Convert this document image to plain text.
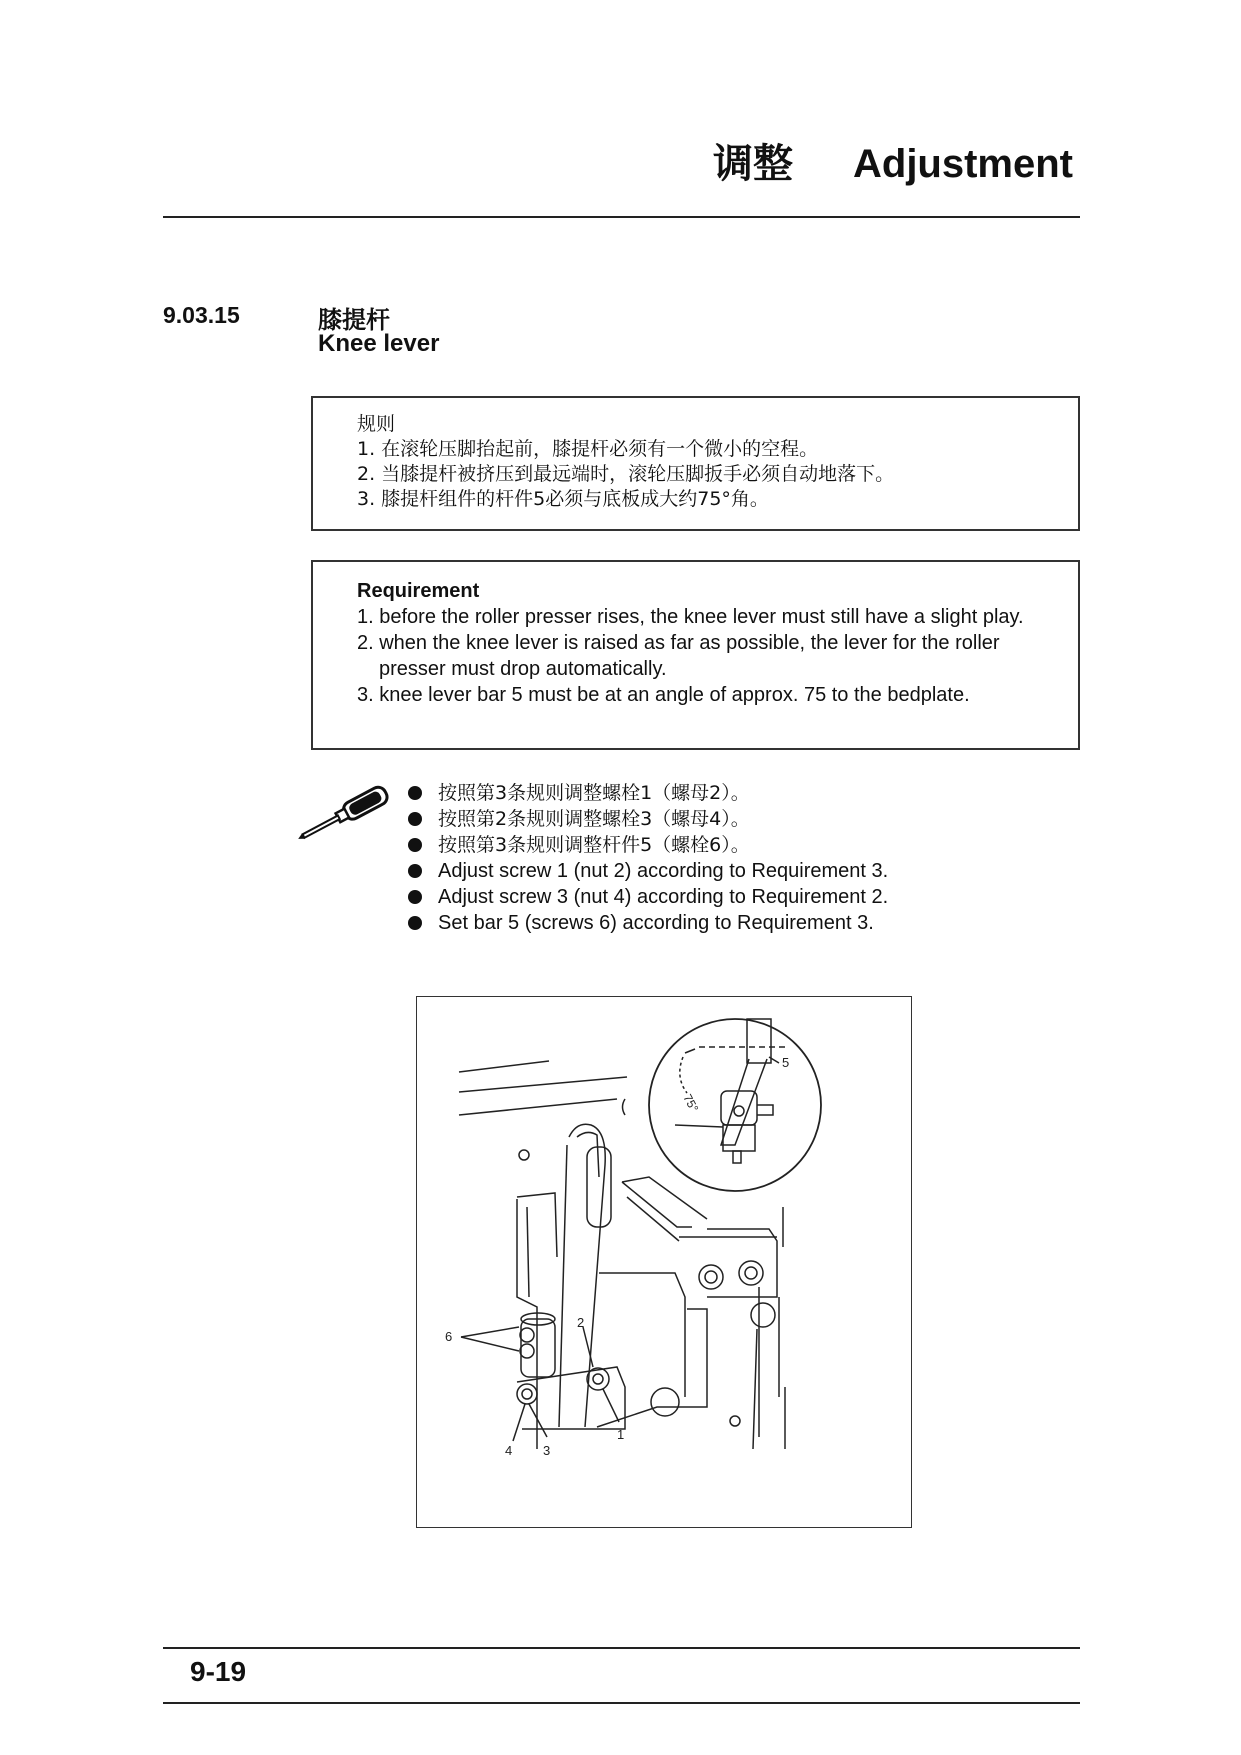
调整 Adjustment
9.03.15	膝提杆
Knee lever
规则
1. 在滚轮压脚抬起前，膝提杆必须有一个微小的空程。
2. 当膝提杆被挤压到最远端时，滚轮压脚扳手必须自动地落下。
3. 膝提杆组件的杆件5必须与底板成大约75°角。
Requirement
1. before the roller presser rises, the knee lever must still have a slight play.
2. when the knee lever is raised as far as possible, the lever for the roller
presser must drop automatically.
3. knee lever bar 5 must be at an angle of approx. 75 to the bedplate.
按照第3条规则调整螺栓1（螺母2）。
按照第2条规则调整螺栓3（螺母4）。
按照第3条规则调整杆件5（螺栓6）。
Adjust screw 1 (nut 2) according to Requirement 3.
Adjust screw 3 (nut 4) according to Requirement 2.
Set bar 5 (screws 6) according to Requirement 3.
75°
5
6
2
1
4 3
9-19
